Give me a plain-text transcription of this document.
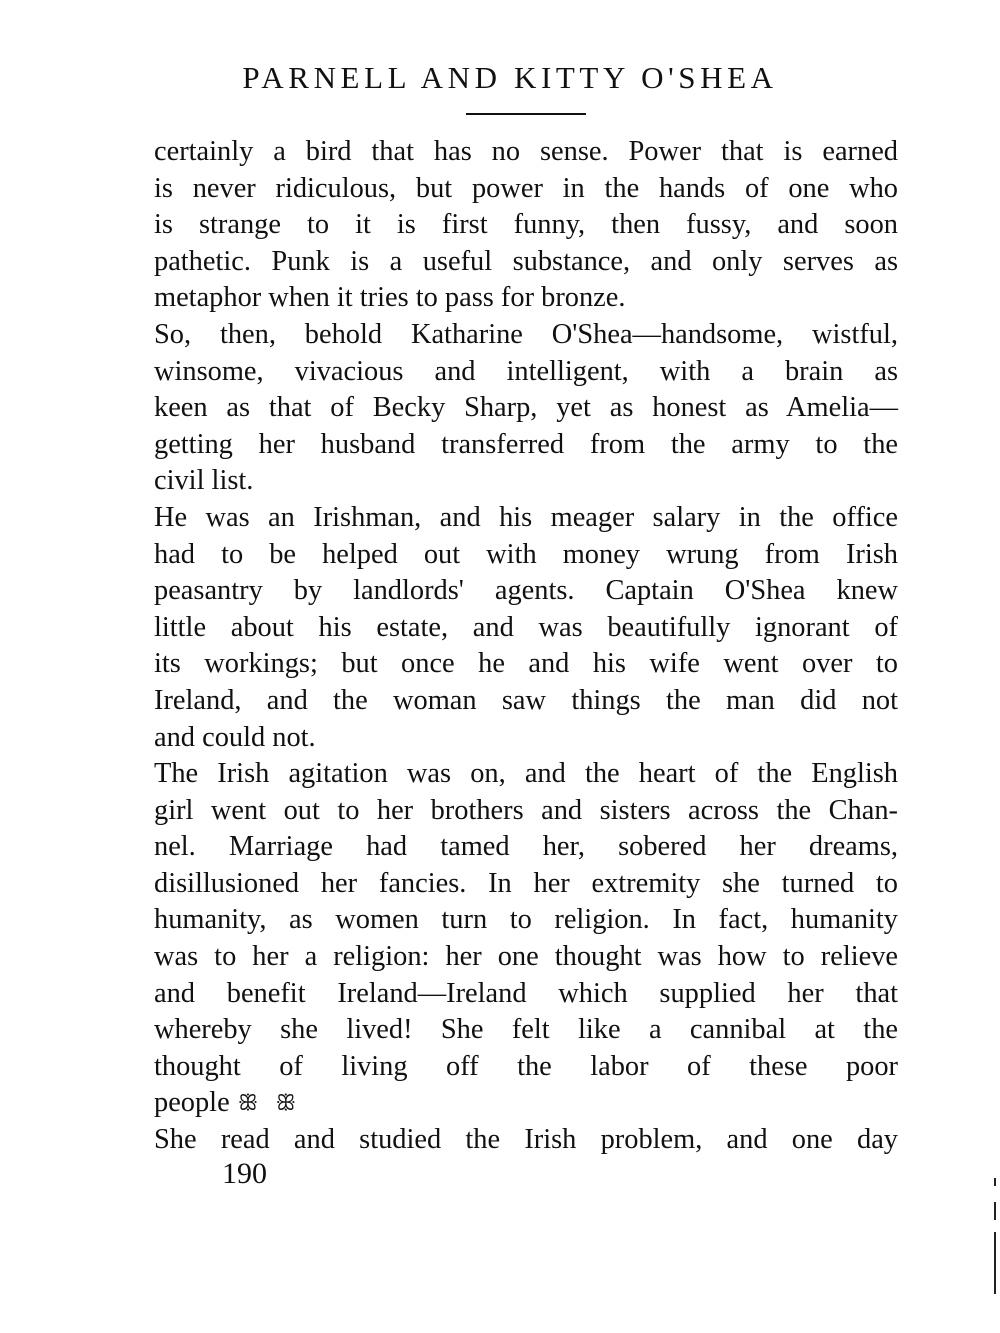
PARNELL AND KITTY O'SHEA
certainly a bird that has no sense. Power that is earned
is never ridiculous, but power in the hands of one who
is strange to it is first funny, then fussy, and soon
pathetic. Punk is a useful substance, and only serves as
metaphor when it tries to pass for bronze.
So, then, behold Katharine O'Shea—handsome, wistful,
winsome, vivacious and intelligent, with a brain as
keen as that of Becky Sharp, yet as honest as Amelia—
getting her husband transferred from the army to the
civil list.
He was an Irishman, and his meager salary in the office
had to be helped out with money wrung from Irish
peasantry by landlords' agents. Captain O'Shea knew
little about his estate, and was beautifully ignorant of
its workings; but once he and his wife went over to
Ireland, and the woman saw things the man did not
and could not.
The Irish agitation was on, and the heart of the English
girl went out to her brothers and sisters across the Chan-
nel. Marriage had tamed her, sobered her dreams,
disillusioned her fancies. In her extremity she turned to
humanity, as women turn to religion. In fact, humanity
was to her a religion: her one thought was how to relieve
and benefit Ireland—Ireland which supplied her that
whereby she lived! She felt like a cannibal at the
thought of living off the labor of these poor
people ꕥ ꕥ
She read and studied the Irish problem, and one day
190
